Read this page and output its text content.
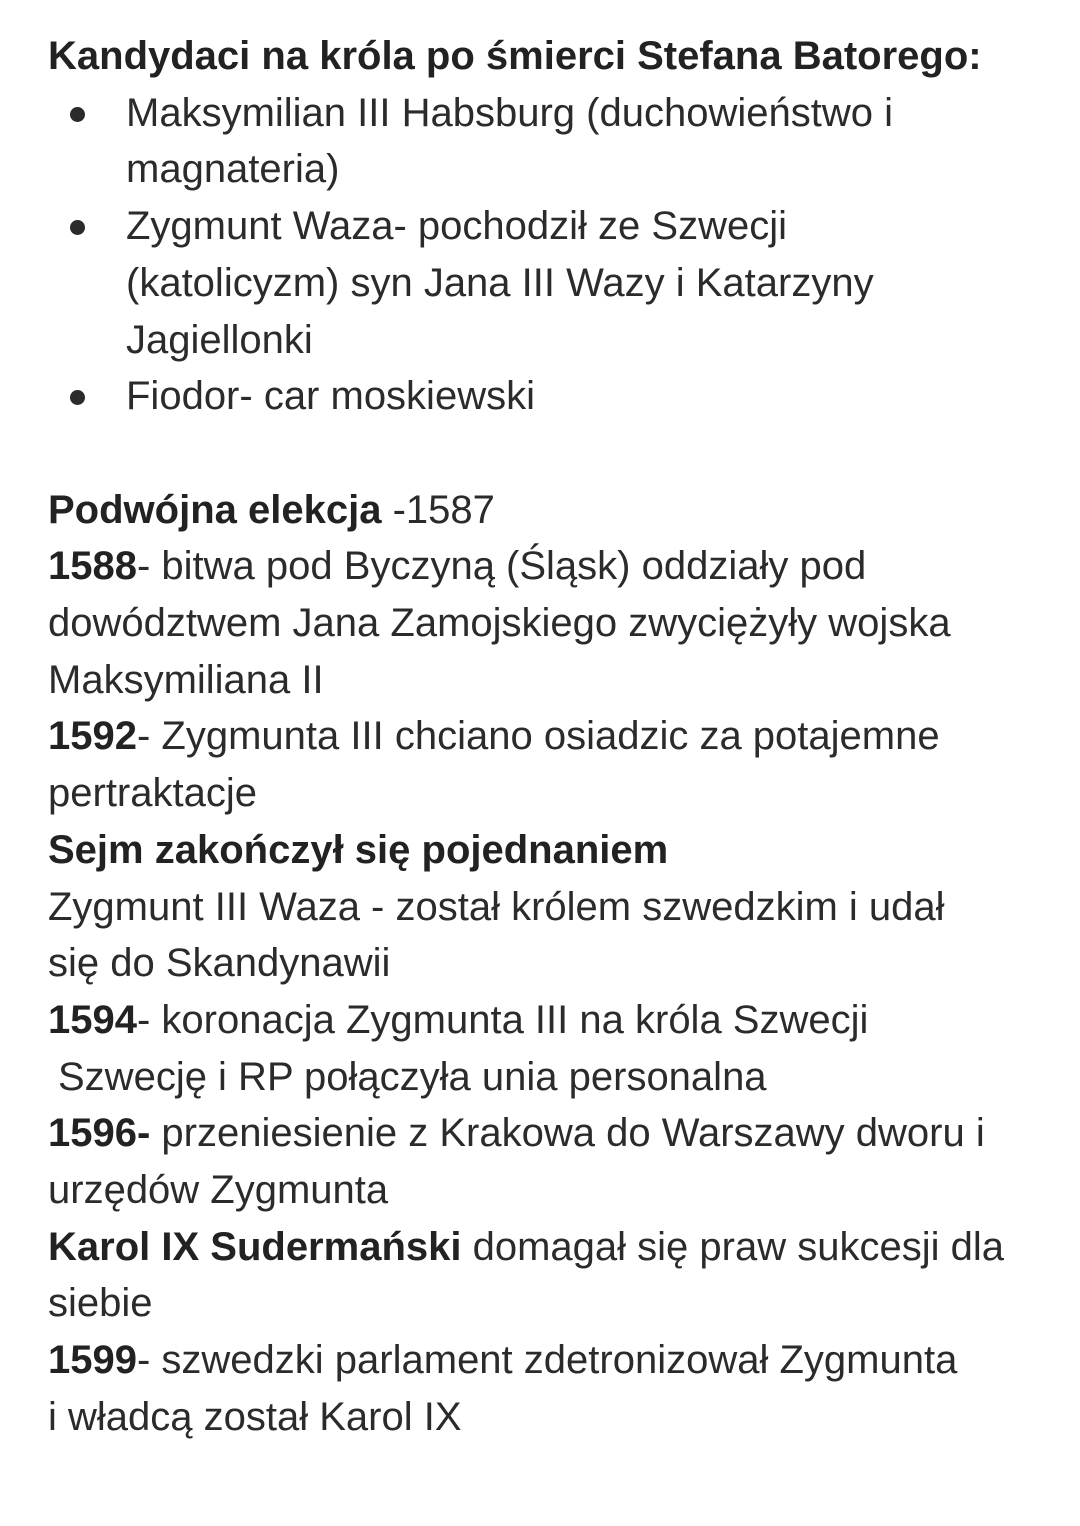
Kandydaci na króla po śmierci Stefana Batorego:

Maksymilian III Habsburg (duchowieństwo i
magnateria)
Zygmunt Waza- pochodził ze Szwecji
(katolicyzm) syn Jana III Wazy i Katarzyny
Jagiellonki
Fiodor- car moskiewski

Podwójna elekcja -1587

1588- bitwa pod Byczyną (Śląsk) oddziały pod

dowództwem Jana Zamojskiego zwyciężyły wojska

Maksymiliana II

1592- Zygmunta III chciano osiadzic za potajemne

pertraktacje

Sejm zakończył się pojednaniem

Zygmunt III Waza - został królem szwedzkim i udał

się do Skandynawii

1594- koronacja Zygmunta III na króla Szwecji

Szwecję i RP połączyła unia personalna

1596- przeniesienie z Krakowa do Warszawy dworu i

urzędów Zygmunta

Karol IX Sudermański domagał się praw sukcesji dla

siebie

1599- szwedzki parlament zdetronizował Zygmunta

i władcą został Karol IX
